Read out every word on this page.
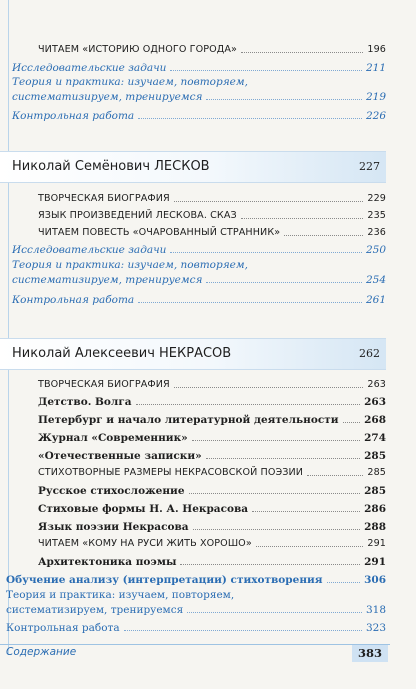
ЧИТАЕМ «ИСТОРИЮ ОДНОГО ГОРОДА»	196
Исследовательские задачи	211
Теория и практика: изучаем, повторяем,
систематизируем, тренируемся	219
Контрольная работа	226
Николай Семёнович ЛЕСКОВ	227
ТВОРЧЕСКАЯ БИОГРАФИЯ	229
ЯЗЫК ПРОИЗВЕДЕНИЙ ЛЕСКОВА. СКАЗ	235
ЧИТАЕМ ПОВЕСТЬ «ОЧАРОВАННЫЙ СТРАННИК»	236
Исследовательские задачи	250
Теория и практика: изучаем, повторяем,
систематизируем, тренируемся	254
Контрольная работа	261
Николай Алексеевич НЕКРАСОВ	262
ТВОРЧЕСКАЯ БИОГРАФИЯ	263
Детство. Волга	263
Петербург и начало литературной деятельности 268
Журнал «Современник»	274
«Отечественные записки»	285
СТИХОТВОРНЫЕ РАЗМЕРЫ НЕКРАСОВСКОЙ ПОЭЗИИ	285
Русское стихосложение	285
Стиховые формы Н. А. Некрасова	286
Язык поэзии Некрасова	288
ЧИТАЕМ «КОМУ НА РУСИ ЖИТЬ ХОРОШО»	291
Архитектоника поэмы	291
Обучение анализу (интерпретации) стихотворения	306
Теория и практика: изучаем, повторяем,
систематизируем, тренируемся	318
Контрольная работа	323
Содержание	383
